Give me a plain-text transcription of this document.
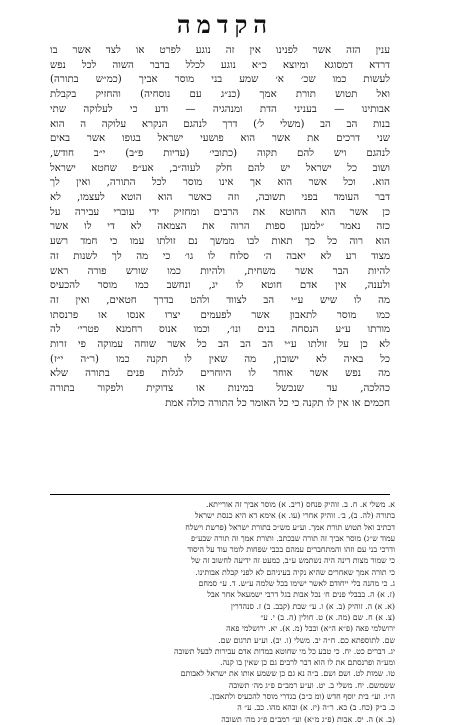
הקדמה
ענין הזה אשר לפנינו אין זה נוגע לפרט או לצד אשר בו
דרדא דמסוגא ומיוצא כ״א נוגע לכלל בדבר השוה לכל נפש
לעשות כמו שכ׳ א׳ שמע בני מוסר אביך (כמ״ש בתורה)
ואל תטוש תורת אמך (כנ״ג עם נוסחיה) והחזיק בקבלת
אבותינו — בעניני הדת ומנהגיה — ודע כי לעלוקה שתי
בנות הב הב (משלי ל׳) דרך לנהגם הנקרא עלוקה ה הוא
שני דרכים את אשר הוא פושעי ישראל בגופו אשר באים
לנהגם ויש להם תקוה (כתובי׳ (עדיות פ״ב) י״ב חודש,
ושוב כל ישראל יש להם חלק לעוה״ב, אע״פ שחטא ישראל
הוא. וכל אשר הוא אך אינו מוסר לכל התורה, ואין לך
דבר העומד בפני תשובה, וזה כאשר הוא הוטא לעצמו, לא
כן אשר הוא החוטא את הרבים ומחזיק ידי עוברי עבירה על
כזה נאמר ״למען ספות הרוה את הצמאה לא די לו אשר
הוא רוה כל כך תאות לבו ממשך נם זולתו עמו כי חמד רשע
מצוד רע לא יאבה ה׳ סלוח לו גו׳ כי מה לך לשנות זה
להיות הבר אשר משחית, ולהיות כמו שורש פורה ראש
ולענה, אין אדם חוטא לו יג, ונחשב כמו מוסר להכעיס
מה לו שיש ע״י הב לצווד ולהט בדרך חטאים, ואין זה
כמו מוסר לתאבון אשר לפעמים יצרו אנסו או פרנסתו
מורתו ע״ע הנסחה בנים ונו׳, וכמו אנוס רחמנא פטרי׳ לה
לא כן על זולתו ע״י הב הב הב כל אשר שוחה עמוקה פי זרות
כל באיה לא ישובון, מה שאין לו תקנה כמו (ר״ה י״ז)
מה נפש אשר אוחר לו היוחרים לגלות פנים בתורה שלא
כהלכה, עד שנכשל במינות או צדוקית ולפקור בתורה
חכמים או אין לו תקנה כי כל האומר כל התורה כולה אמת
א. משלי א. ח. ב. זוהיק פנחס (ריב. א) מוסר אביך זה אורייתא.
בתורה (לה. ב), ב׳. זוהיק אחרי (עו. א) אימא דא היא כנסת ישראל
דכתיב ואל תטוש תורת אמך. וע״ע מש״כ בתורת ישראל (פרשת וישלח
עמוד ש״ג) מוסר אביך זה תורה שבכתב. ותורת אמך זה תורה שבע״פ
ודרכי בני עם וזהו והמתחברים עמהם בכבי שפחות לומר עוד על היסוד
כי שמור מצות דינה היה נשתמש ע״ב, כמעט זה ידיעה לחשוב זה של
כי תורה אמך שאחרים שהיא נקיה בעיניהם לא לפני קבלת אבותינו.
ג. כי מהנה בלי ייחודם לאשר ישימו בכל שלמה ע״ש. ד. ע״ סמחם
(ז. א) ה. בבבלי פנים ח׳ נכל אבות בגל דרבי ישמעאל אחר אבל
(א. א) ה. זוהיק (ב. א) ו. ע״ שבת (קבב. ב) ז. סנהדרין
(צ. א) ח. שם (מה. א) ט. חולין (ה. ב) י. ע״
ירושלמי פאה (פ״א ה״א) ובבל (מ. א). יא. ירושלמי פאה
שם. לתוספתא כם. ח״ה יב. משלי (ו. יב). וע״ע תרגום שם.
יג. דברים כט. יח. כי טבע כל מי שחוטא במדות אדם עבירות לבעל תשובה
ומע״ה ופרנסתם את לו הוא דבר לרבים גם כן שאין בו קנה.
טו. שמות לט. ושם ושם. ב״ה נא גם כן ששמע אותו את ישראל לאבותם
ששמשם. יח. משלי ב. יט. וע״ע רמב״ם פ״ג מה׳ תשובה
ה״ו. וע״ בית יוסף חדש (ומ כ״כ) בגדרי מוסר להכעיס ולתאבון.
כ. ב״ק (כח. ב) כא. ר״ה (יז. א) ובהא מהו. כב. ע״ ה
(ב. א) ה. יס. אבות (פ״ג מ״א) וע״ רמב״ם פ״ג מה׳ תשובה
